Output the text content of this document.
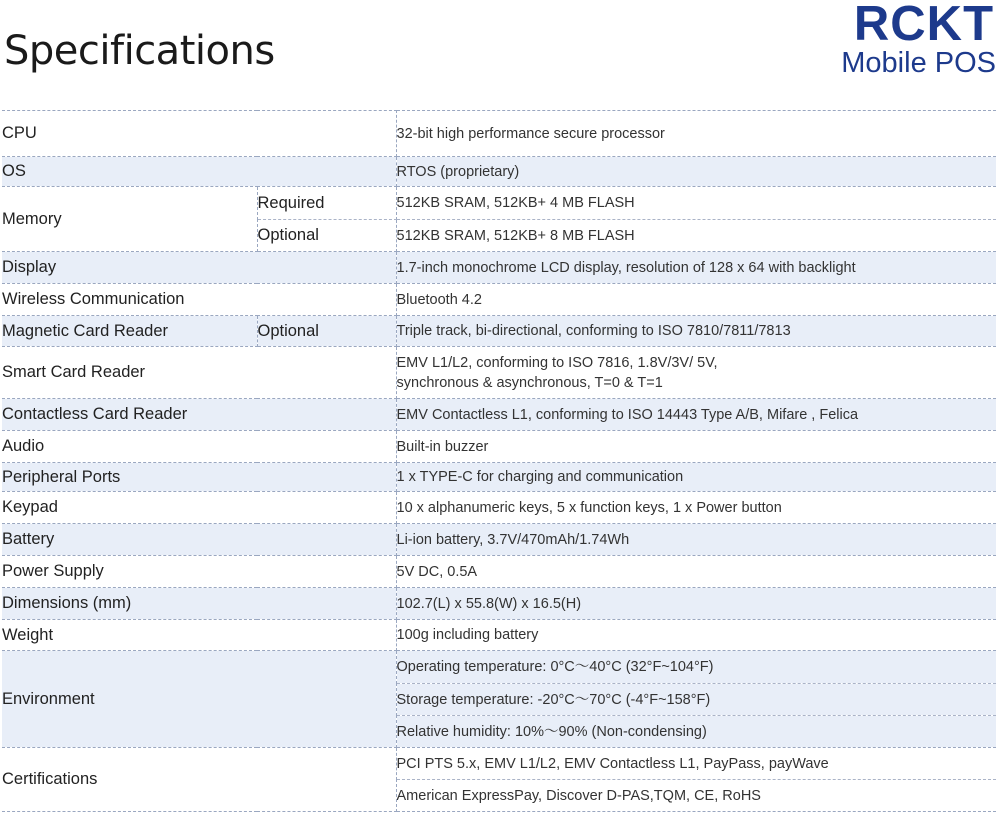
Specifications	RCKT
Mobile POS
CPU		32-bit high performance secure processor
OS		RTOS (proprietary)
Memory	Required	512KB SRAM, 512KB+ 4 MB FLASH
	Optional	512KB SRAM, 512KB+ 8 MB FLASH
Display		1.7-inch monochrome LCD display, resolution of 128 x 64 with backlight
Wireless Communication		Bluetooth 4.2
Magnetic Card Reader	Optional	Triple track, bi-directional, conforming to ISO 7810/7811/7813
Smart Card Reader		EMV L1/L2, conforming to ISO 7816, 1.8V/3V/ 5V,
synchronous & asynchronous, T=0 & T=1

Contactless Card Reader		EMV Contactless L1, conforming to ISO 14443 Type A/B, Mifare , Felica
Audio		Built-in buzzer
Peripheral Ports		1 x TYPE-C for charging and communication
Keypad		10 x alphanumeric keys, 5 x function keys, 1 x Power button
Battery		Li-ion battery, 3.7V/470mAh/1.74Wh
Power Supply		5V DC, 0.5A
Dimensions (mm)		102.7(L) x 55.8(W) x 16.5(H)
Weight		100g including battery
Environment		Operating temperature: 0°C～40°C (32°F~104°F)
		Storage temperature: -20°C～70°C (-4°F~158°F)
		Relative humidity: 10%～90% (Non-condensing)
Certifications		PCI PTS 5.x, EMV L1/L2, EMV Contactless L1, PayPass, payWave
		American ExpressPay, Discover D-PAS,TQM, CE, RoHS
